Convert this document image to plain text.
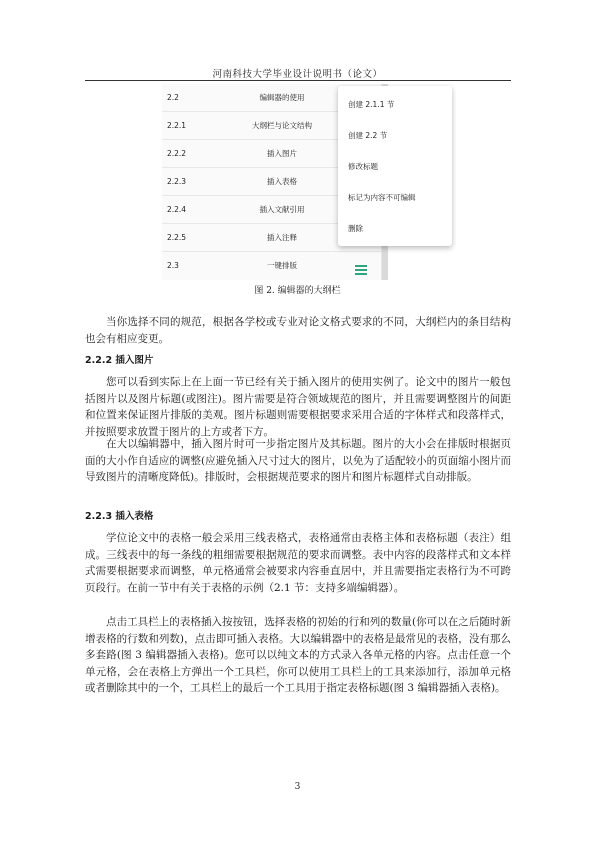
河南科技大学毕业设计说明书（论文）
2.2	编辑器的使用
2.2.1	大纲栏与论文结构
2.2.2	插入图片
2.2.3	插入表格
2.2.4	插入文献引用
2.2.5	插入注释
2.3	一键排版
创建 2.1.1 节
创建 2.2 节
修改标题
标记为内容不可编辑
删除
图 2. 编辑器的大纲栏
⋯

当你选择不同的规范，根据各学校或专业对论文格式要求的不同，大纲栏内的条目结构也会有相应变更。

2.2.2 插入图片

您可以看到实际上在上面一节已经有关于插入图片的使用实例了。论文中的图片一般包括图片以及图片标题(或图注)。图片需要是符合领域规范的图片，并且需要调整图片的间距和位置来保证图片排版的美观。图片标题则需要根据要求采用合适的字体样式和段落样式，并按照要求放置于图片的上方或者下方。

在大以编辑器中，插入图片时可一步指定图片及其标题。图片的大小会在排版时根据页面的大小作自适应的调整(应避免插入尺寸过大的图片，以免为了适配较小的页面缩小图片而导致图片的清晰度降低)。排版时，会根据规范要求的图片和图片标题样式自动排版。

2.2.3 插入表格

学位论文中的表格一般会采用三线表格式，表格通常由表格主体和表格标题（表注）组成。三线表中的每一条线的粗细需要根据规范的要求而调整。表中内容的段落样式和文本样式需要根据要求而调整，单元格通常会被要求内容垂直居中，并且需要指定表格行为不可跨页段行。在前一节中有关于表格的示例（2.1 节：支持多端编辑器）。

点击工具栏上的表格插入按按钮，选择表格的初始的行和列的数量(你可以在之后随时新增表格的行数和列数)，点击即可插入表格。大以编辑器中的表格是最常见的表格，没有那么多套路(图 3 编辑器插入表格)。您可以以纯文本的方式录入各单元格的内容。点击任意一个单元格，会在表格上方弹出一个工具栏，你可以使用工具栏上的工具来添加行，添加单元格或者删除其中的一个，工具栏上的最后一个工具用于指定表格标题(图 3 编辑器插入表格)。

3
